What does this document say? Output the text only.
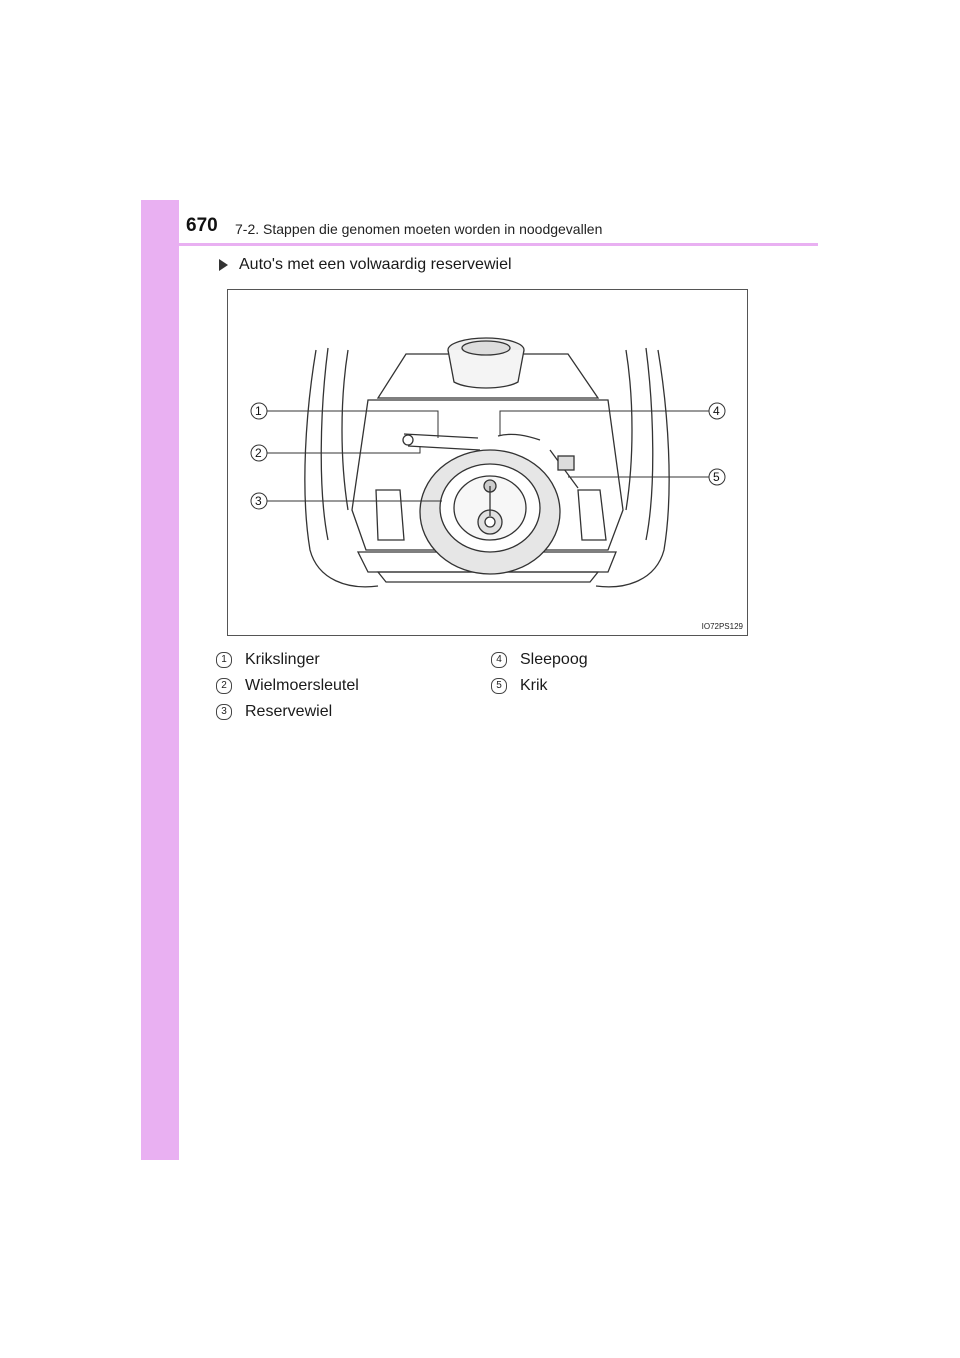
670 7-2. Stappen die genomen moeten worden in noodgevallen
Auto's met een volwaardig reservewiel
1
2
3
4
5
IO72PS129
1	Krikslinger
2	Wielmoersleutel
3	Reservewiel
4	Sleepoog
5	Krik
